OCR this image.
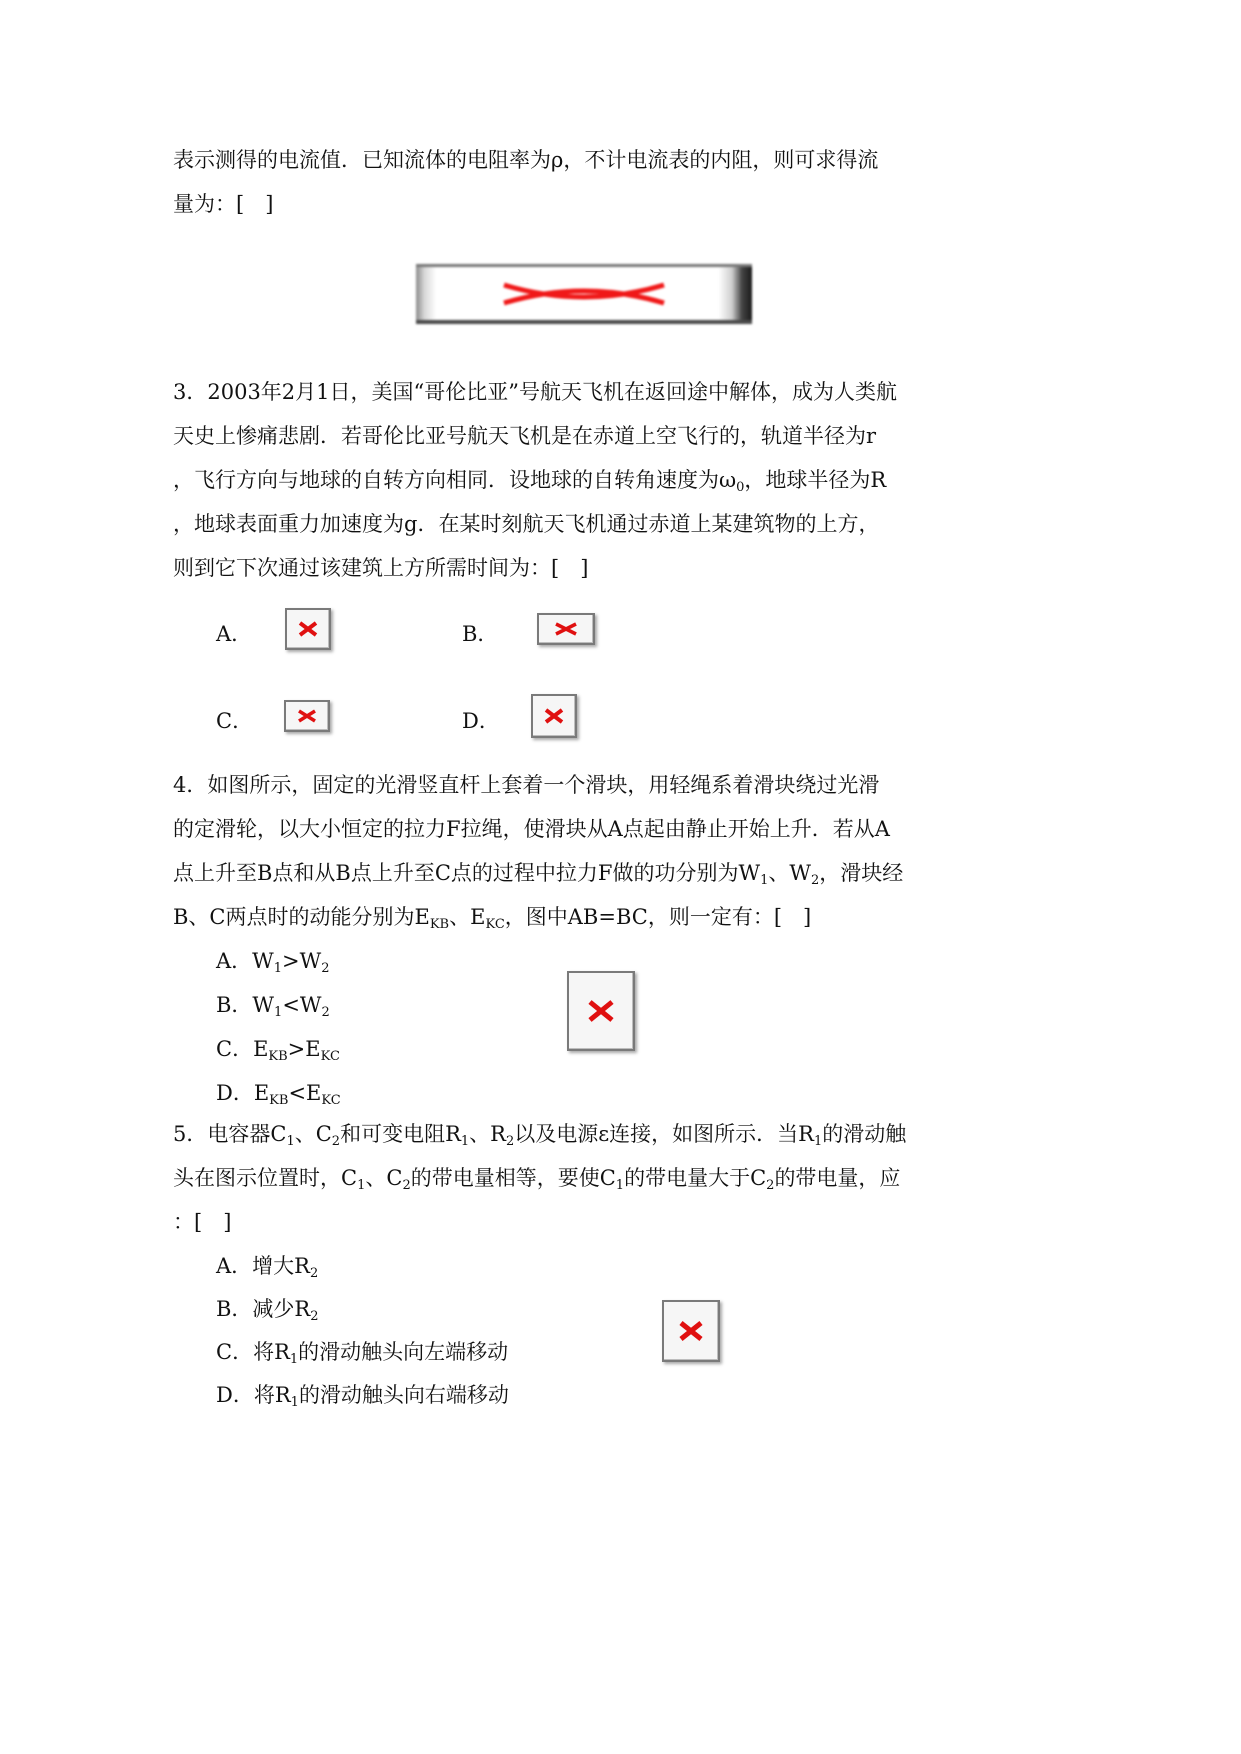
表示测得的电流值．已知流体的电阻率为ρ，不计电流表的内阻，则可求得流
量为：[　]
3．2003年2月1日，美国“哥伦比亚”号航天飞机在返回途中解体，成为人类航
天史上惨痛悲剧．若哥伦比亚号航天飞机是在赤道上空飞行的，轨道半径为r
，飞行方向与地球的自转方向相同．设地球的自转角速度为$\omega_0$，地球半径为R
，地球表面重力加速度为g．在某时刻航天飞机通过赤道上某建筑物的上方，
则到它下次通过该建筑上方所需时间为：[　]
A．	B．
C．	D．
4．如图所示，固定的光滑竖直杆上套着一个滑块，用轻绳系着滑块绕过光滑
的定滑轮，以大小恒定的拉力F拉绳，使滑块从A点起由静止开始上升．若从A
点上升至B点和从B点上升至C点的过程中拉力F做的功分别为$W_1$、$W_2$，滑块经
B、C两点时的动能分别为$E_{KB}$、$E_{KC}$，图中AB=BC，则一定有：[　]
A．$W_1>W_2$
B．$W_1<W_2$
C．$E_{KB}>E_{KC}$
D．$E_{KB}<E_{KC}$
5．电容器$C_1$、$C_2$和可变电阻$R_1$、$R_2$以及电源ε连接，如图所示．当$R_1$的滑动触
头在图示位置时，$C_1$、$C_2$的带电量相等，要使$C_1$的带电量大于$C_2$的带电量，应
：[　]
A．增大$R_2$
B．减少$R_2$
C．将$R_1$的滑动触头向左端移动
D．将$R_1$的滑动触头向右端移动
